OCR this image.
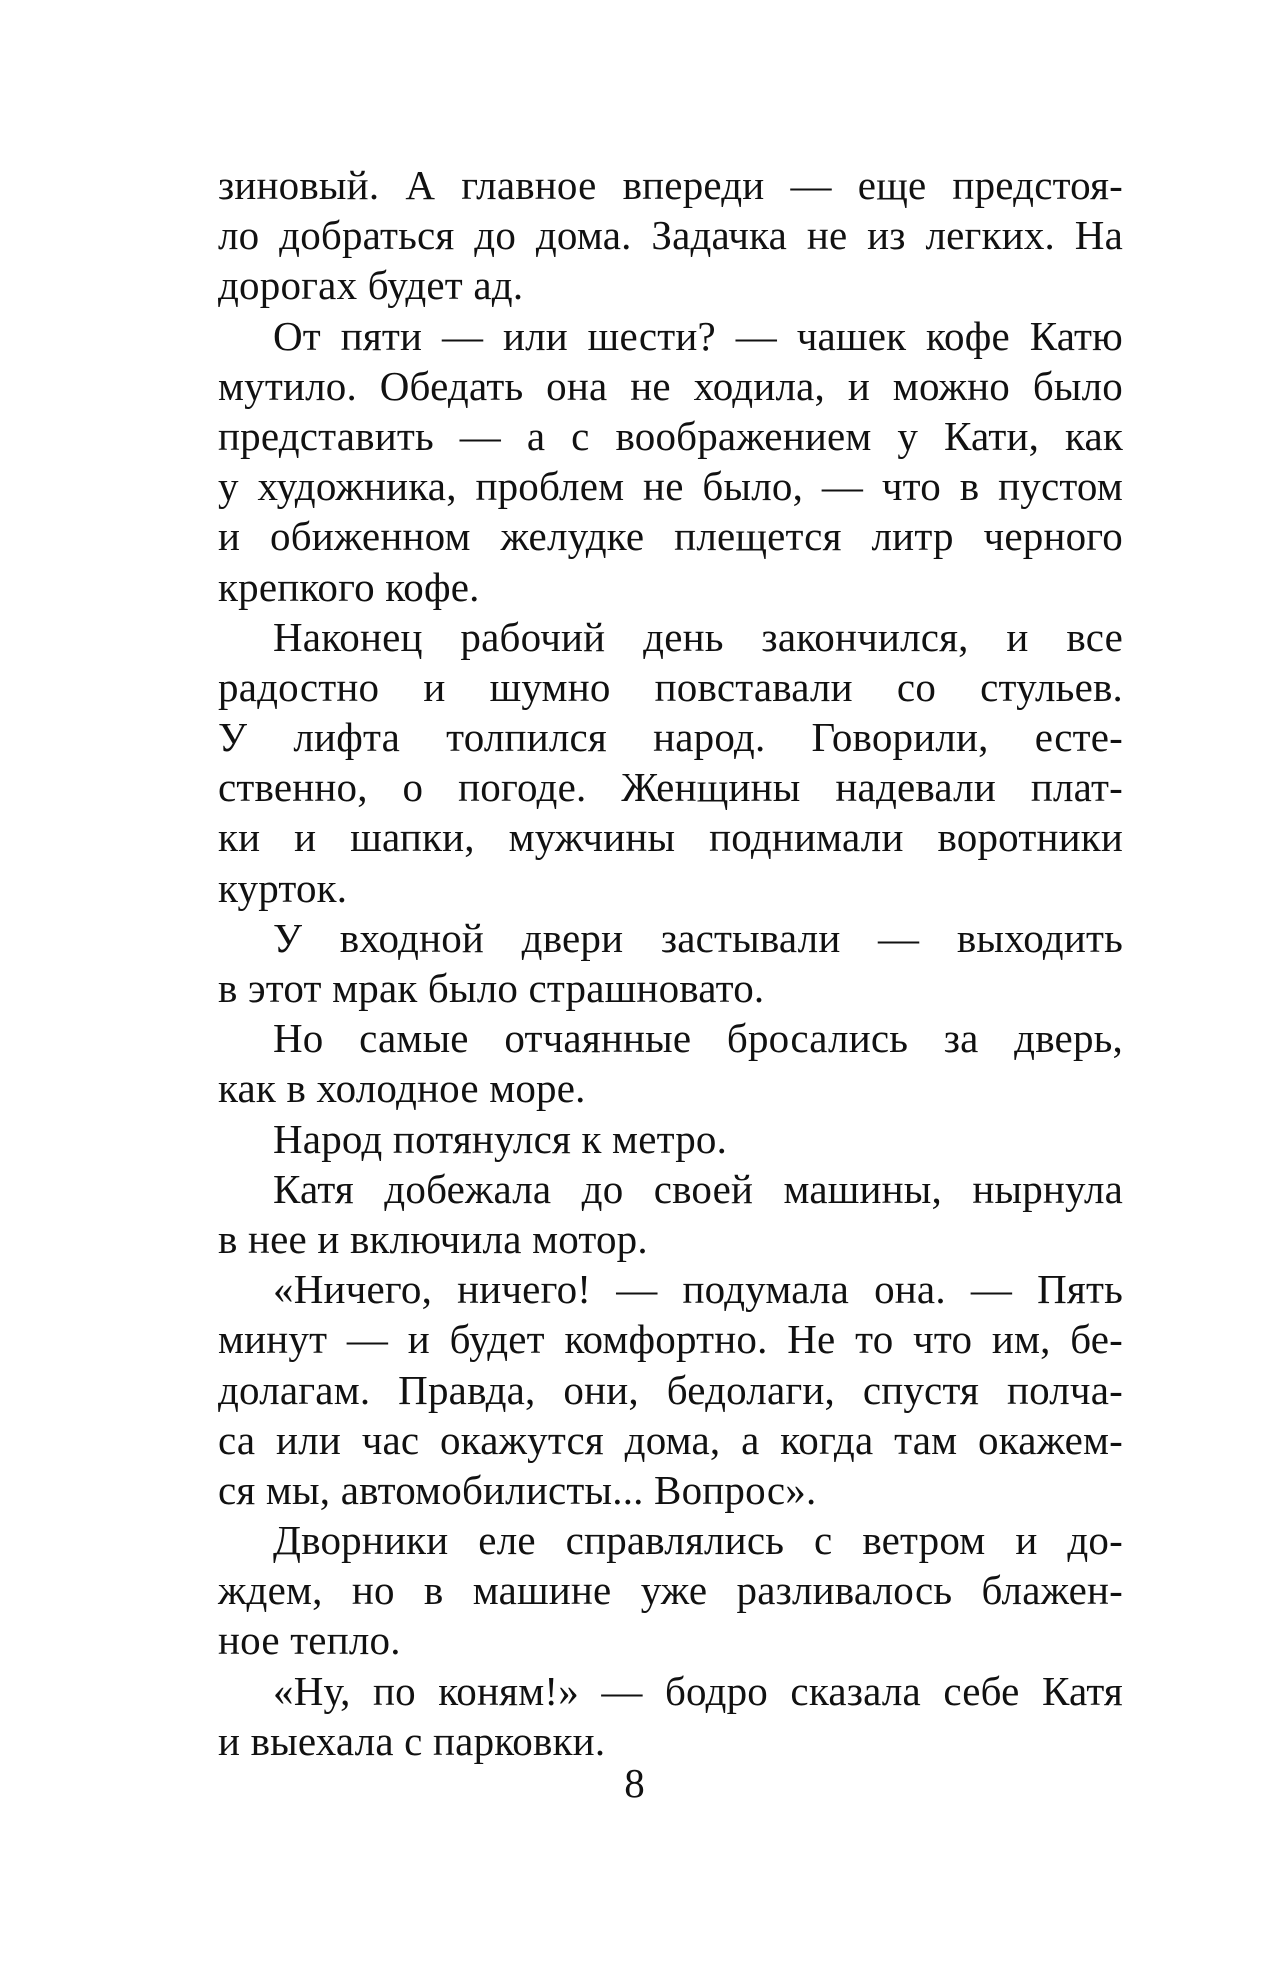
зиновый. А главное впереди — еще предстоя-
ло добраться до дома. Задачка не из легких. На
дорогах будет ад.
От пяти — или шести? — чашек кофе Катю
мутило. Обедать она не ходила, и можно было
представить — а с воображением у Кати, как
у художника, проблем не было, — что в пустом
и обиженном желудке плещется литр черного
крепкого кофе.
Наконец рабочий день закончился, и все
радостно и шумно повставали со стульев.
У лифта толпился народ. Говорили, есте-
ственно, о погоде. Женщины надевали плат-
ки и шапки, мужчины поднимали воротники
курток.
У входной двери застывали — выходить
в этот мрак было страшновато.
Но самые отчаянные бросались за дверь,
как в холодное море.
Народ потянулся к метро.
Катя добежала до своей машины, нырнула
в нее и включила мотор.
«Ничего, ничего! — подумала она. — Пять
минут — и будет комфортно. Не то что им, бе-
долагам. Правда, они, бедолаги, спустя полча-
са или час окажутся дома, а когда там окажем-
ся мы, автомобилисты... Вопрос».
Дворники еле справлялись с ветром и до-
ждем, но в машине уже разливалось блажен-
ное тепло.
«Ну, по коням!» — бодро сказала себе Катя
и выехала с парковки.
8
